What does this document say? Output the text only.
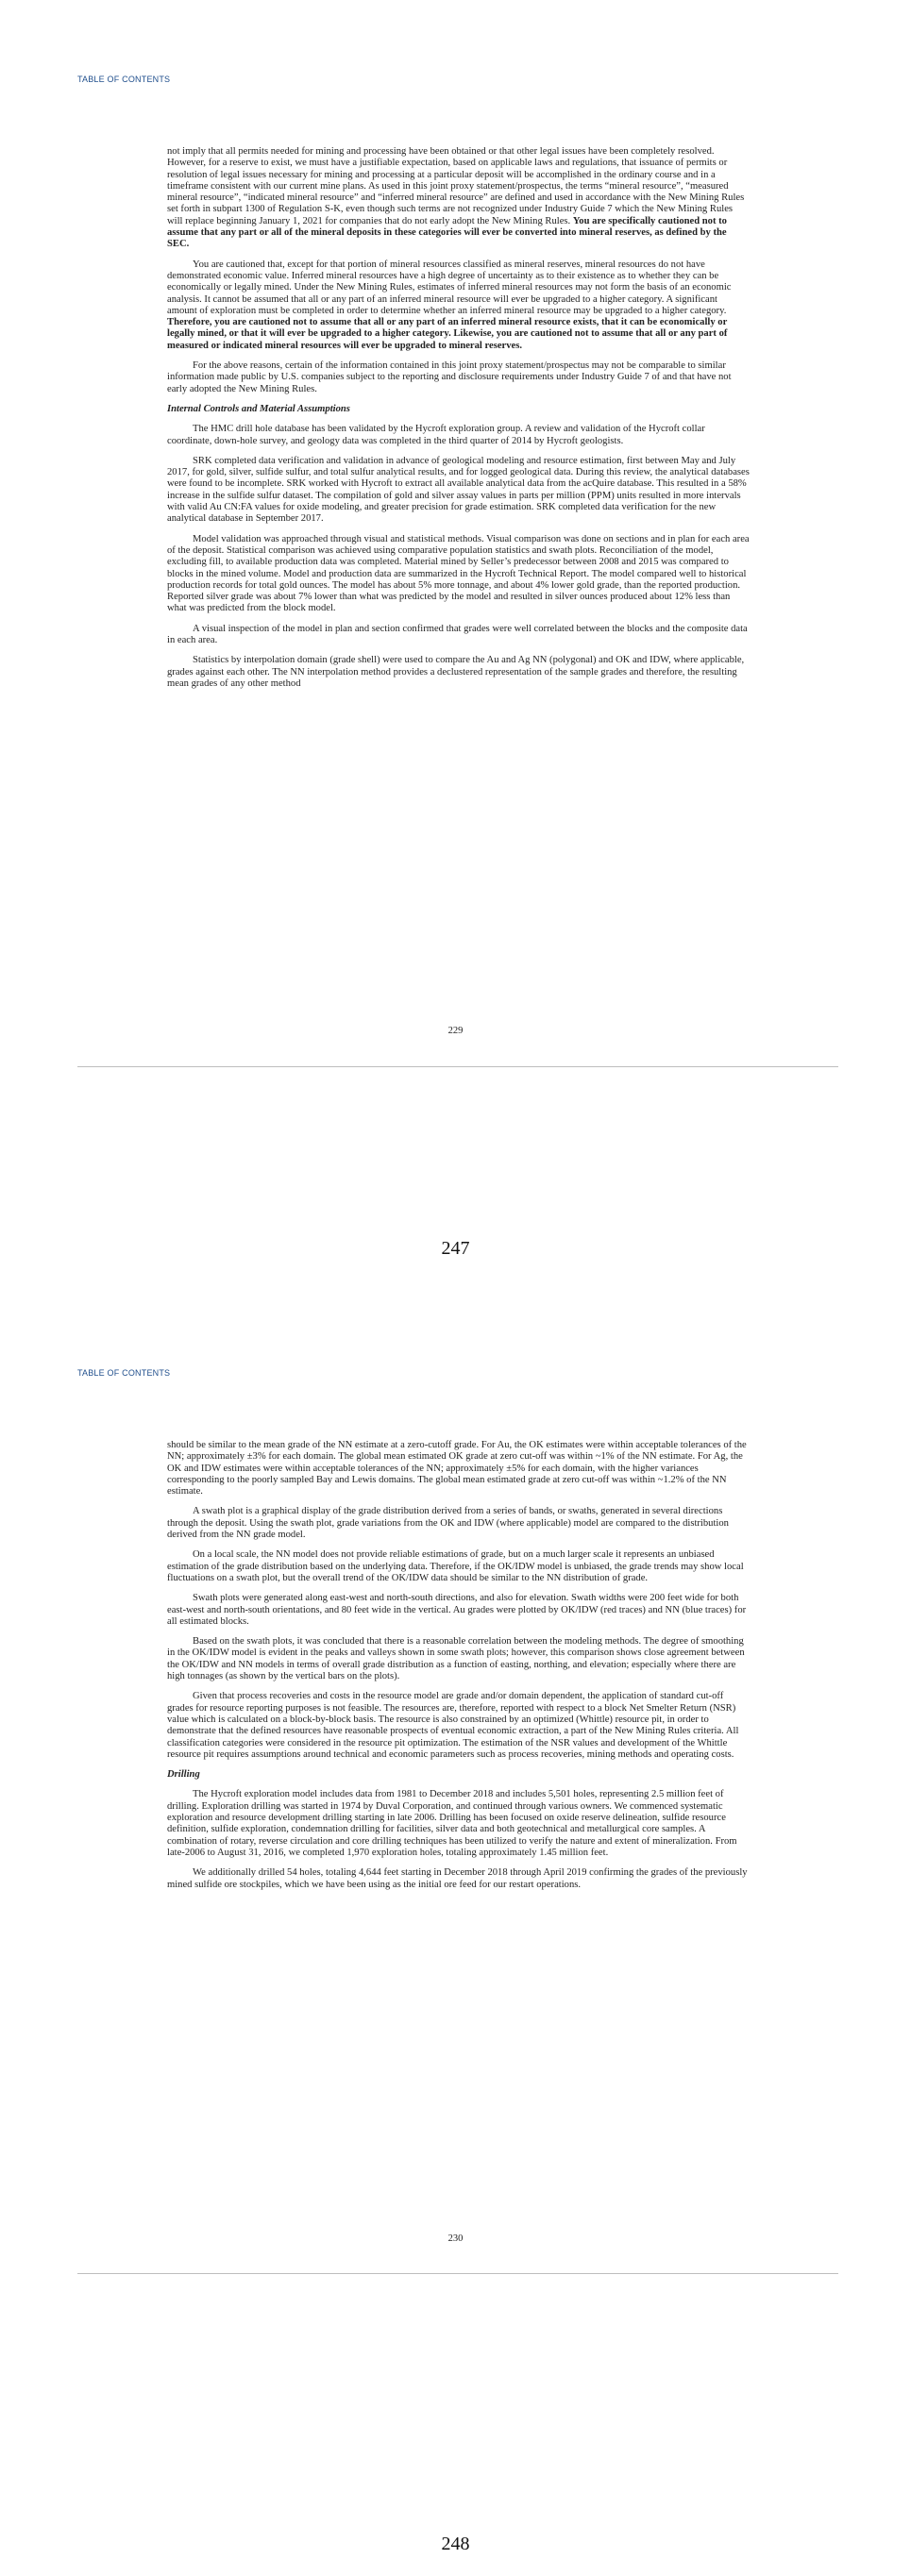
TABLE OF CONTENTS

not imply that all permits needed for mining and processing have been obtained or that other legal issues have been completely resolved. However, for a reserve to exist, we must have a justifiable expectation, based on applicable laws and regulations, that issuance of permits or resolution of legal issues necessary for mining and processing at a particular deposit will be accomplished in the ordinary course and in a timeframe consistent with our current mine plans. As used in this joint proxy statement/prospectus, the terms “mineral resource”, “measured mineral resource”, “indicated mineral resource” and “inferred mineral resource” are defined and used in accordance with the New Mining Rules set forth in subpart 1300 of Regulation S-K, even though such terms are not recognized under Industry Guide 7 which the New Mining Rules will replace beginning January 1, 2021 for companies that do not early adopt the New Mining Rules. You are specifically cautioned not to assume that any part or all of the mineral deposits in these categories will ever be converted into mineral reserves, as defined by the SEC.

You are cautioned that, except for that portion of mineral resources classified as mineral reserves, mineral resources do not have demonstrated economic value. Inferred mineral resources have a high degree of uncertainty as to their existence as to whether they can be economically or legally mined. Under the New Mining Rules, estimates of inferred mineral resources may not form the basis of an economic analysis. It cannot be assumed that all or any part of an inferred mineral resource will ever be upgraded to a higher category. A significant amount of exploration must be completed in order to determine whether an inferred mineral resource may be upgraded to a higher category. Therefore, you are cautioned not to assume that all or any part of an inferred mineral resource exists, that it can be economically or legally mined, or that it will ever be upgraded to a higher category. Likewise, you are cautioned not to assume that all or any part of measured or indicated mineral resources will ever be upgraded to mineral reserves.

For the above reasons, certain of the information contained in this joint proxy statement/prospectus may not be comparable to similar information made public by U.S. companies subject to the reporting and disclosure requirements under Industry Guide 7 of and that have not early adopted the New Mining Rules.

Internal Controls and Material Assumptions

The HMC drill hole database has been validated by the Hycroft exploration group. A review and validation of the Hycroft collar coordinate, down-hole survey, and geology data was completed in the third quarter of 2014 by Hycroft geologists.

SRK completed data verification and validation in advance of geological modeling and resource estimation, first between May and July 2017, for gold, silver, sulfide sulfur, and total sulfur analytical results, and for logged geological data. During this review, the analytical databases were found to be incomplete. SRK worked with Hycroft to extract all available analytical data from the acQuire database. This resulted in a 58% increase in the sulfide sulfur dataset. The compilation of gold and silver assay values in parts per million (PPM) units resulted in more intervals with valid Au CN:FA values for oxide modeling, and greater precision for grade estimation. SRK completed data verification for the new analytical database in September 2017.

Model validation was approached through visual and statistical methods. Visual comparison was done on sections and in plan for each area of the deposit. Statistical comparison was achieved using comparative population statistics and swath plots. Reconciliation of the model, excluding fill, to available production data was completed. Material mined by Seller’s predecessor between 2008 and 2015 was compared to blocks in the mined volume. Model and production data are summarized in the Hycroft Technical Report. The model compared well to historical production records for total gold ounces. The model has about 5% more tonnage, and about 4% lower gold grade, than the reported production. Reported silver grade was about 7% lower than what was predicted by the model and resulted in silver ounces produced about 12% less than what was predicted from the block model.

A visual inspection of the model in plan and section confirmed that grades were well correlated between the blocks and the composite data in each area.

Statistics by interpolation domain (grade shell) were used to compare the Au and Ag NN (polygonal) and OK and IDW, where applicable, grades against each other. The NN interpolation method provides a declustered representation of the sample grades and therefore, the resulting mean grades of any other method

229
247
TABLE OF CONTENTS

should be similar to the mean grade of the NN estimate at a zero-cutoff grade. For Au, the OK estimates were within acceptable tolerances of the NN; approximately ±3% for each domain. The global mean estimated OK grade at zero cut-off was within ~1% of the NN estimate. For Ag, the OK and IDW estimates were within acceptable tolerances of the NN; approximately ±5% for each domain, with the higher variances corresponding to the poorly sampled Bay and Lewis domains. The global mean estimated grade at zero cut-off was within ~1.2% of the NN estimate.

A swath plot is a graphical display of the grade distribution derived from a series of bands, or swaths, generated in several directions through the deposit. Using the swath plot, grade variations from the OK and IDW (where applicable) model are compared to the distribution derived from the NN grade model.

On a local scale, the NN model does not provide reliable estimations of grade, but on a much larger scale it represents an unbiased estimation of the grade distribution based on the underlying data. Therefore, if the OK/IDW model is unbiased, the grade trends may show local fluctuations on a swath plot, but the overall trend of the OK/IDW data should be similar to the NN distribution of grade.

Swath plots were generated along east-west and north-south directions, and also for elevation. Swath widths were 200 feet wide for both east-west and north-south orientations, and 80 feet wide in the vertical. Au grades were plotted by OK/IDW (red traces) and NN (blue traces) for all estimated blocks.

Based on the swath plots, it was concluded that there is a reasonable correlation between the modeling methods. The degree of smoothing in the OK/IDW model is evident in the peaks and valleys shown in some swath plots; however, this comparison shows close agreement between the OK/IDW and NN models in terms of overall grade distribution as a function of easting, northing, and elevation; especially where there are high tonnages (as shown by the vertical bars on the plots).

Given that process recoveries and costs in the resource model are grade and/or domain dependent, the application of standard cut-off grades for resource reporting purposes is not feasible. The resources are, therefore, reported with respect to a block Net Smelter Return (NSR) value which is calculated on a block-by-block basis. The resource is also constrained by an optimized (Whittle) resource pit, in order to demonstrate that the defined resources have reasonable prospects of eventual economic extraction, a part of the New Mining Rules criteria. All classification categories were considered in the resource pit optimization. The estimation of the NSR values and development of the Whittle resource pit requires assumptions around technical and economic parameters such as process recoveries, mining methods and operating costs.

Drilling

The Hycroft exploration model includes data from 1981 to December 2018 and includes 5,501 holes, representing 2.5 million feet of drilling. Exploration drilling was started in 1974 by Duval Corporation, and continued through various owners. We commenced systematic exploration and resource development drilling starting in late 2006. Drilling has been focused on oxide reserve delineation, sulfide resource definition, sulfide exploration, condemnation drilling for facilities, silver data and both geotechnical and metallurgical core samples. A combination of rotary, reverse circulation and core drilling techniques has been utilized to verify the nature and extent of mineralization. From late-2006 to August 31, 2016, we completed 1,970 exploration holes, totaling approximately 1.45 million feet.

We additionally drilled 54 holes, totaling 4,644 feet starting in December 2018 through April 2019 confirming the grades of the previously mined sulfide ore stockpiles, which we have been using as the initial ore feed for our restart operations.

230
248
